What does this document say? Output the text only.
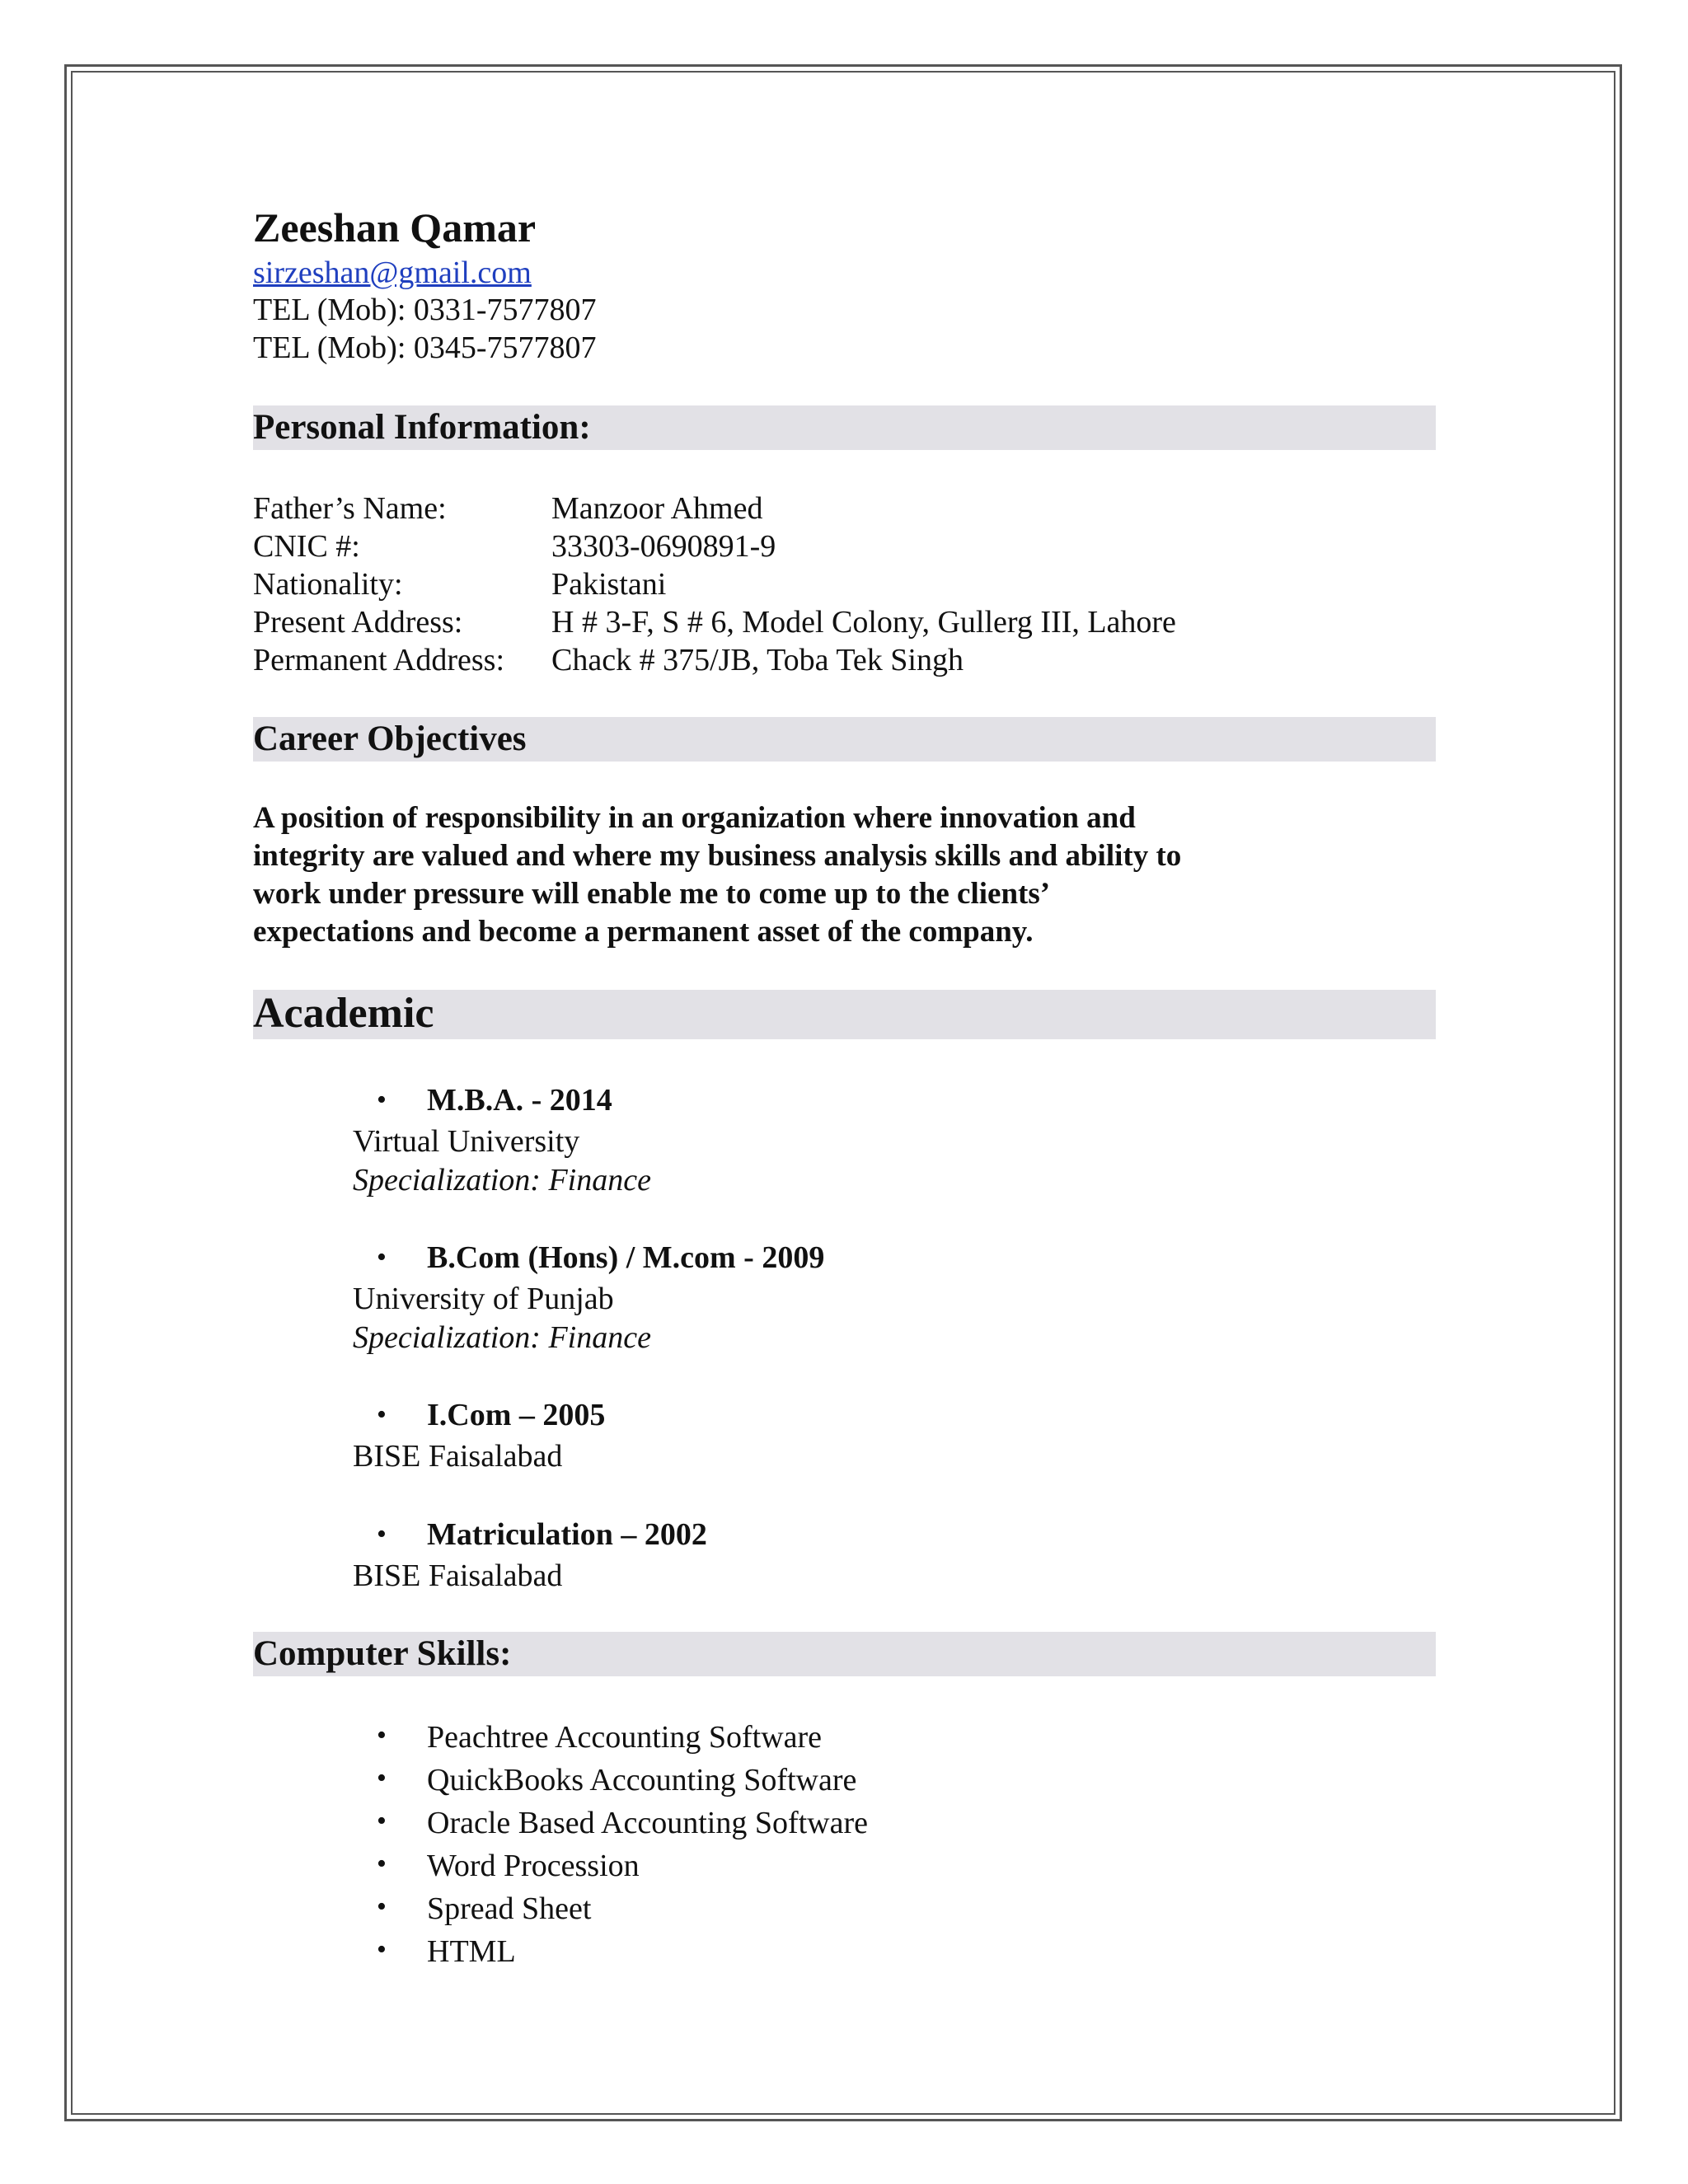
Zeeshan Qamar
sirzeshan@gmail.com
TEL (Mob): 0331-7577807
TEL (Mob): 0345-7577807
Personal Information:
Father’s Name:	Manzoor Ahmed
CNIC #:	33303-0690891-9
Nationality:	Pakistani
Present Address:	H # 3-F, S # 6, Model Colony, Gullerg III, Lahore
Permanent Address: Chack # 375/JB, Toba Tek Singh
Career Objectives
A position of responsibility in an organization where innovation and
integrity are valued and where my business analysis skills and ability to
work under pressure will enable me to come up to the clients’
expectations and become a permanent asset of the company.
Academic
• M.B.A. - 2014
Virtual University
Specialization: Finance
• B.Com (Hons) / M.com - 2009
University of Punjab
Specialization: Finance
• I.Com – 2005
BISE Faisalabad
• Matriculation – 2002
BISE Faisalabad
Computer Skills:
• Peachtree Accounting Software
• QuickBooks Accounting Software
• Oracle Based Accounting Software
• Word Procession
• Spread Sheet
• HTML
